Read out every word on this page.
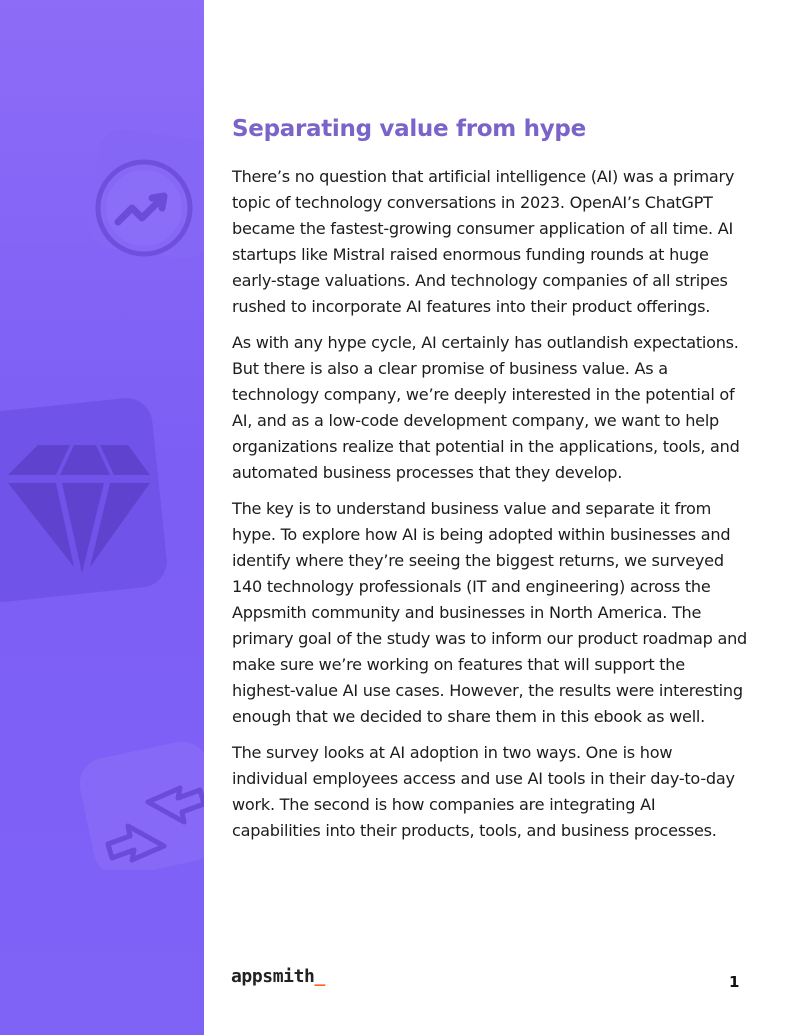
Separating value from hype

There’s no question that artificial intelligence (AI) was a primary topic of technology conversations in 2023. OpenAI’s ChatGPT became the fastest-growing consumer application of all time. AI startups like Mistral raised enormous funding rounds at huge early-stage valuations. And technology companies of all stripes rushed to incorporate AI features into their product offerings.

As with any hype cycle, AI certainly has outlandish expectations. But there is also a clear promise of business value. As a technology company, we’re deeply interested in the potential of AI, and as a low-code development company, we want to help organizations realize that potential in the applications, tools, and automated business processes that they develop.

The key is to understand business value and separate it from hype. To explore how AI is being adopted within businesses and identify where they’re seeing the biggest returns, we surveyed 140 technology professionals (IT and engineering) across the Appsmith community and businesses in North America. The primary goal of the study was to inform our product roadmap and make sure we’re working on features that will support the highest-value AI use cases. However, the results were interesting enough that we decided to share them in this ebook as well.

The survey looks at AI adoption in two ways. One is how individual employees access and use AI tools in their day-to-day work. The second is how companies are integrating AI capabilities into their products, tools, and business processes.

appsmith_	1
